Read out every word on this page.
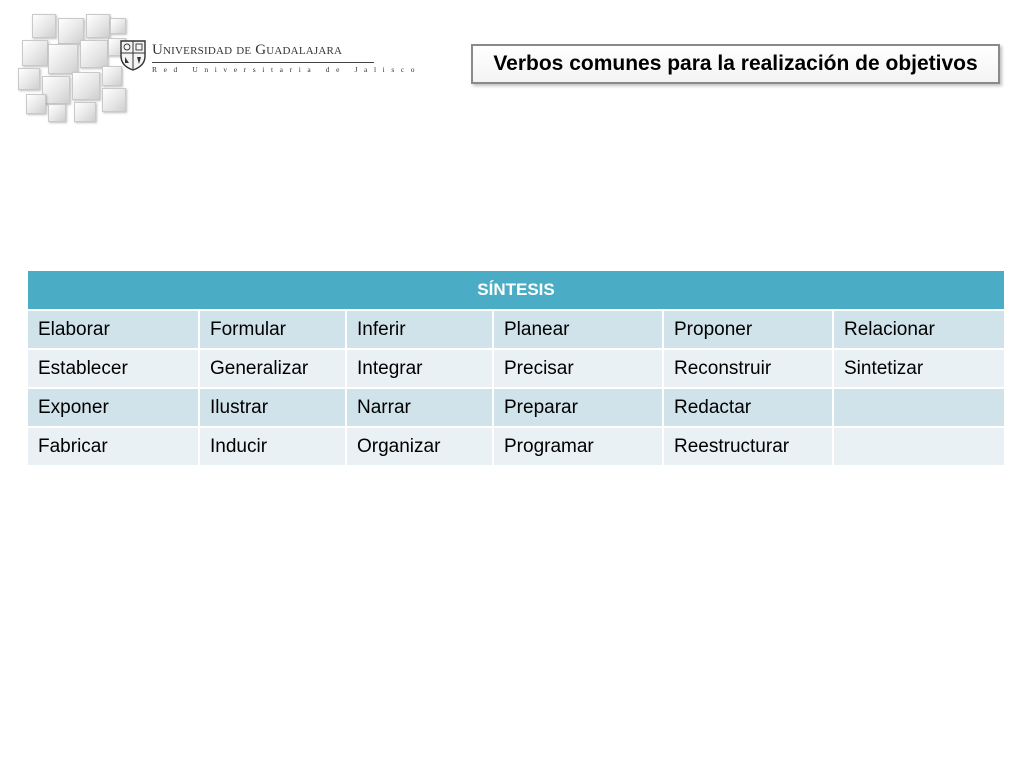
Universidad de Guadalajara
Red Universitaria de Jalisco	Verbos comunes para la realización de objetivos
SÍNTESIS					
Elaborar	Formular	Inferir	Planear	Proponer	Relacionar
Establecer	Generalizar	Integrar	Precisar	Reconstruir	Sintetizar
Exponer	Ilustrar	Narrar	Preparar	Redactar	
Fabricar	Inducir	Organizar	Programar	Reestructurar	
